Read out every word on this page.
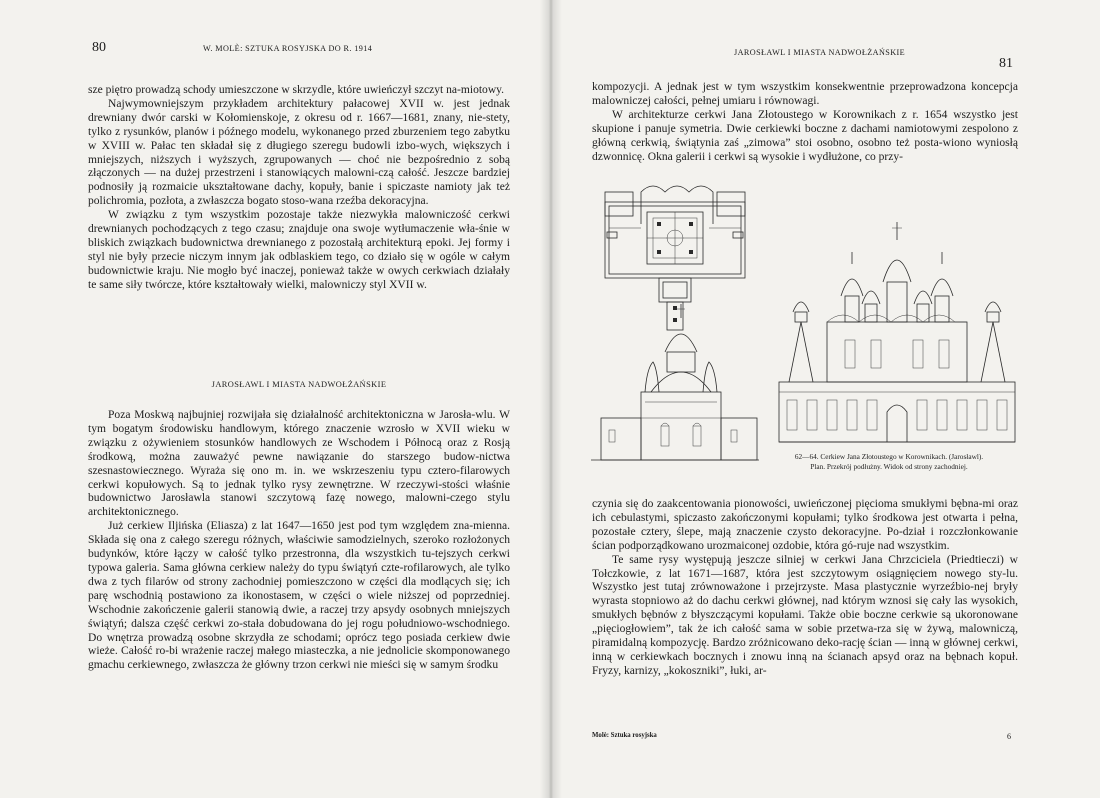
80	W. MOLÈ: SZTUKA ROSYJSKA DO R. 1914

sze piętro prowadzą schody umieszczone w skrzydle, które uwieńczył szczyt na-miotowy.

Najwymowniejszym przykładem architektury pałacowej XVII w. jest jednak drewniany dwór carski w Kołomienskoje, z okresu od r. 1667—1681, znany, nie-stety, tylko z rysunków, planów i późnego modelu, wykonanego przed zburzeniem tego zabytku w XVIII w. Pałac ten składał się z długiego szeregu budowli izbo-wych, większych i mniejszych, niższych i wyższych, zgrupowanych — choć nie bezpośrednio z sobą złączonych — na dużej przestrzeni i stanowiących malowni-czą całość. Jeszcze bardziej podnosiły ją rozmaicie ukształtowane dachy, kopuły, banie i spiczaste namioty jak też polichromia, pozłota, a zwłaszcza bogato stoso-wana rzeźba dekoracyjna.

W związku z tym wszystkim pozostaje także niezwykła malowniczość cerkwi drewnianych pochodzących z tego czasu; znajduje ona swoje wytłumaczenie wła-śnie w bliskich związkach budownictwa drewnianego z pozostałą architekturą epoki. Jej formy i styl nie były przecie niczym innym jak odblaskiem tego, co działo się w ogóle w całym budownictwie kraju. Nie mogło być inaczej, ponieważ także w owych cerkwiach działały te same siły twórcze, które kształtowały wielki, malowniczy styl XVII w.

JAROSŁAWL I MIASTA NADWOŁŻAŃSKIE

Poza Moskwą najbujniej rozwijała się działalność architektoniczna w Jarosła-wlu. W tym bogatym środowisku handlowym, którego znaczenie wzrosło w XVII wieku w związku z ożywieniem stosunków handlowych ze Wschodem i Północą oraz z Rosją środkową, można zauważyć pewne nawiązanie do starszego budow-nictwa szesnastowiecznego. Wyraża się ono m. in. we wskrzeszeniu typu cztero-filarowych cerkwi kopułowych. Są to jednak tylko rysy zewnętrzne. W rzeczywi-stości właśnie budownictwo Jarosławla stanowi szczytową fazę nowego, malowni-czego stylu architektonicznego.

Już cerkiew Iljińska (Eliasza) z lat 1647—1650 jest pod tym względem zna-mienna. Składa się ona z całego szeregu różnych, właściwie samodzielnych, szeroko rozłożonych budynków, które łączy w całość tylko przestronna, dla wszystkich tu-tejszych cerkwi typowa galeria. Sama główna cerkiew należy do typu świątyń czte-rofilarowych, ale tylko dwa z tych filarów od strony zachodniej pomieszczono w części dla modlących się; ich parę wschodnią postawiono za ikonostasem, w części o wiele niższej od poprzedniej. Wschodnie zakończenie galerii stanowią dwie, a raczej trzy apsydy osobnych mniejszych świątyń; dalsza część cerkwi zo-stała dobudowana do jej rogu południowo-wschodniego. Do wnętrza prowadzą osobne skrzydła ze schodami; oprócz tego posiada cerkiew dwie wieże. Całość ro-bi wrażenie raczej małego miasteczka, a nie jednolicie skomponowanego gmachu cerkiewnego, zwłaszcza że główny trzon cerkwi nie mieści się w samym środku

JAROSŁAWL I MIASTA NADWOŁŻAŃSKIE
81

kompozycji. A jednak jest w tym wszystkim konsekwentnie przeprowadzona koncepcja malowniczej całości, pełnej umiaru i równowagi.

W architekturze cerkwi Jana Złotoustego w Korownikach z r. 1654 wszystko jest skupione i panuje symetria. Dwie cerkiewki boczne z dachami namiotowymi zespolono z główną cerkwią, świątynia zaś „zimowa” stoi osobno, osobno też posta-wiono wyniosłą dzwonnicę. Okna galerii i cerkwi są wysokie i wydłużone, co przy-

62—64. Cerkiew Jana Złotoustego w Korownikach. (Jarosławl).
Plan. Przekrój podłużny. Widok od strony zachodniej.

czynia się do zaakcentowania pionowości, uwieńczonej pięcioma smukłymi bębna-mi oraz ich cebulastymi, spiczasto zakończonymi kopułami; tylko środkowa jest otwarta i pełna, pozostałe cztery, ślepe, mają znaczenie czysto dekoracyjne. Po-dział i rozczłonkowanie ścian podporządkowano urozmaiconej ozdobie, która gó-ruje nad wszystkim.

Te same rysy występują jeszcze silniej w cerkwi Jana Chrzciciela (Priedtieczi) w Tołczkowie, z lat 1671—1687, która jest szczytowym osiągnięciem nowego sty-lu. Wszystko jest tutaj zrównoważone i przejrzyste. Masa plastycznie wyrzeźbio-nej bryły wyrasta stopniowo aż do dachu cerkwi głównej, nad którym wznosi się cały las wysokich, smukłych bębnów z błyszczącymi kopułami. Także obie boczne cerkwie są ukoronowane „pięciogłowiem”, tak że ich całość sama w sobie przetwa-rza się w żywą, malowniczą, piramidalną kompozycję. Bardzo zróżnicowano deko-rację ścian — inną w głównej cerkwi, inną w cerkiewkach bocznych i znowu inną na ścianach apsyd oraz na bębnach kopuł. Fryzy, karnizy, „kokoszniki”, łuki, ar-

Molè: Sztuka rosyjska	6
